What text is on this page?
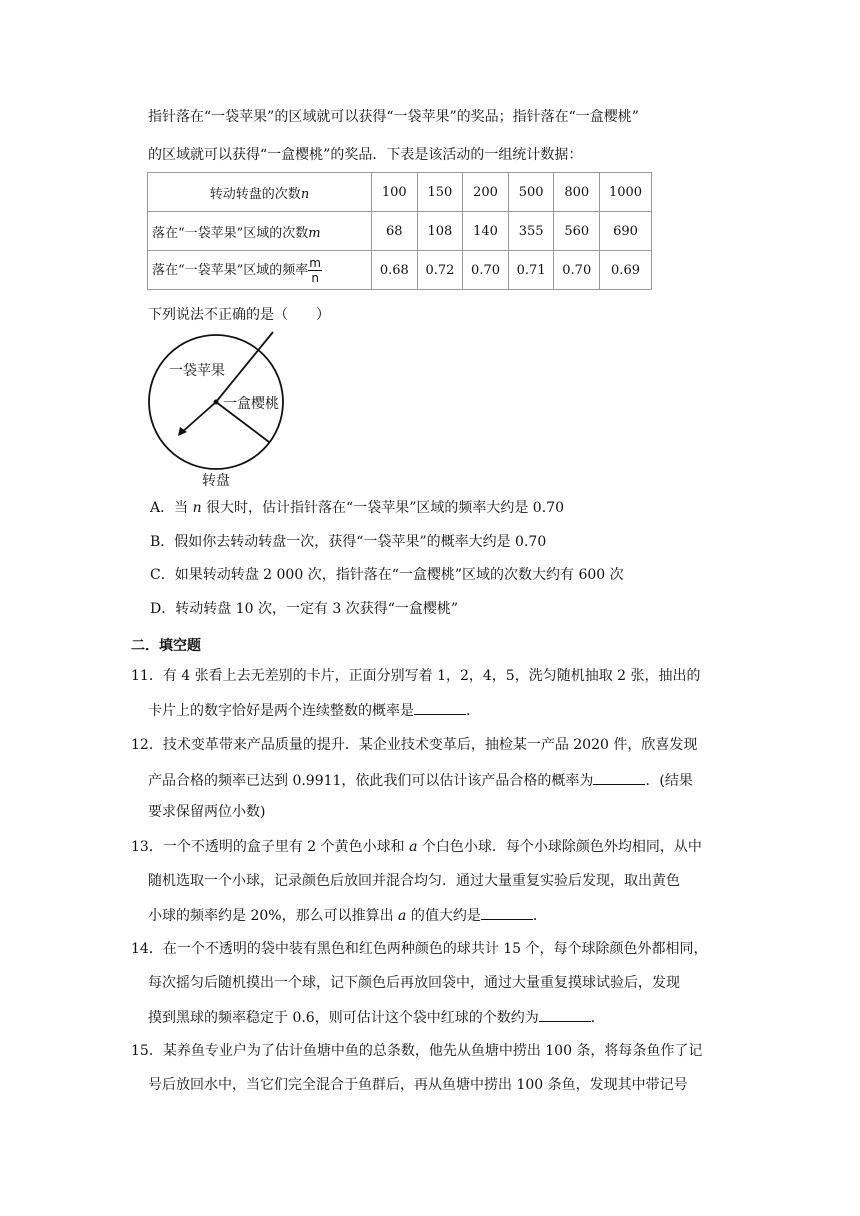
指针落在“一袋苹果”的区域就可以获得“一袋苹果”的奖品；指针落在“一盒樱桃”
的区域就可以获得“一盒樱桃”的奖品．下表是该活动的一组统计数据：
转动转盘的次数n	100	150	200	500	800	1000
落在“一袋苹果”区域的次数m	68	108	140	355	560	690
落在“一袋苹果”区域的频率 $\frac{m}{n}$	0.68	0.72	0.70	0.71	0.70	0.69
下列说法不正确的是（　　）
一袋苹果
一盒樱桃
转盘
A．当 n 很大时，估计指针落在“一袋苹果”区域的频率大约是 0.70
B．假如你去转动转盘一次，获得“一袋苹果”的概率大约是 0.70
C．如果转动转盘 2 000 次，指针落在“一盒樱桃”区域的次数大约有 600 次
D．转动转盘 10 次，一定有 3 次获得“一盒樱桃”
二．填空题
11．有 4 张看上去无差别的卡片，正面分别写着 1，2，4，5，洗匀随机抽取 2 张，抽出的
卡片上的数字恰好是两个连续整数的概率是	．
12．技术变革带来产品质量的提升．某企业技术变革后，抽检某一产品 2020 件，欣喜发现
产品合格的频率已达到 0.9911，依此我们可以估计该产品合格的概率为	．(结果
要求保留两位小数)
13．一个不透明的盒子里有 2 个黄色小球和 a 个白色小球．每个小球除颜色外均相同，从中
随机选取一个小球，记录颜色后放回并混合均匀．通过大量重复实验后发现，取出黄色
小球的频率约是 20%，那么可以推算出 a 的值大约是	．
14．在一个不透明的袋中装有黑色和红色两种颜色的球共计 15 个，每个球除颜色外都相同，
每次摇匀后随机摸出一个球，记下颜色后再放回袋中，通过大量重复摸球试验后，发现
摸到黑球的频率稳定于 0.6，则可估计这个袋中红球的个数约为	．
15．某养鱼专业户为了估计鱼塘中鱼的总条数，他先从鱼塘中捞出 100 条，将每条鱼作了记
号后放回水中，当它们完全混合于鱼群后，再从鱼塘中捞出 100 条鱼，发现其中带记号
